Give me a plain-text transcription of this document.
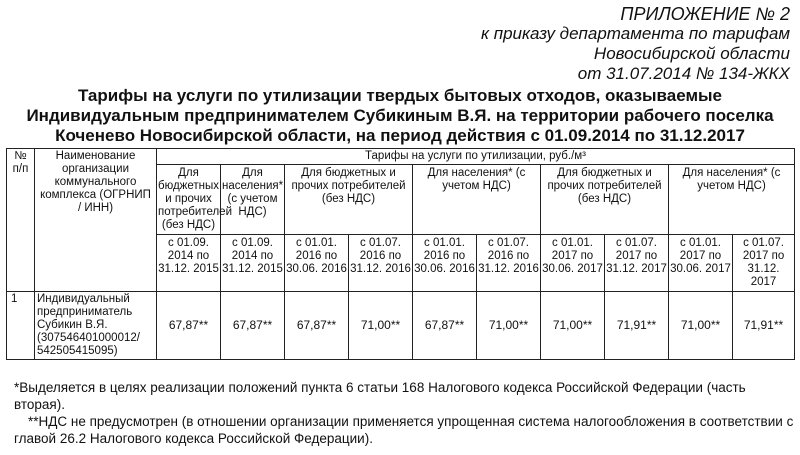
ПРИЛОЖЕНИЕ № 2
к приказу департамента по тарифам
Новосибирской области
от 31.07.2014 № 134-ЖКХ
Тарифы на услуги по утилизации твердых бытовых отходов, оказываемые
Индивидуальным предпринимателем Субикиным В.Я. на территории рабочего поселка
Коченево Новосибирской области, на период действия с 01.09.2014 по 31.12.2017
№ п/п	Наименование организации коммунального комплекса (ОГРНИП / ИНН)	Тарифы на услуги по утилизации, руб./м³									
		Для бюджетных и прочих потребителей (без НДС)	Для населения* (с учетом НДС)	Для бюджетных и прочих потребителей (без НДС)		Для населения* (с учетом НДС)		Для бюджетных и прочих потребителей (без НДС)		Для населения* (с учетом НДС)	
		с 01.09. 2014 по 31.12. 2015	с 01.09. 2014 по 31.12. 2015	с 01.01. 2016 по 30.06. 2016	с 01.07. 2016 по 31.12. 2016	с 01.01. 2016 по 30.06. 2016	с 01.07. 2016 по 31.12. 2016	с 01.01. 2017 по 30.06. 2017	с 01.07. 2017 по 31.12. 2017	с 01.01. 2017 по 30.06. 2017	с 01.07. 2017 по 31.12. 2017
1	Индивидуальный предприниматель Субикин В.Я. (307546401000012/ 542505415095)	67,87**	67,87**	67,87**	71,00**	67,87**	71,00**	71,00**	71,91**	71,00**	71,91**

*Выделяется в целях реализации положений пункта 6 статьи 168 Налогового кодекса Российской Федерации (часть вторая).

**НДС не предусмотрен (в отношении организации применяется упрощенная система налогообложения в соответствии с главой 26.2 Налогового кодекса Российской Федерации).
